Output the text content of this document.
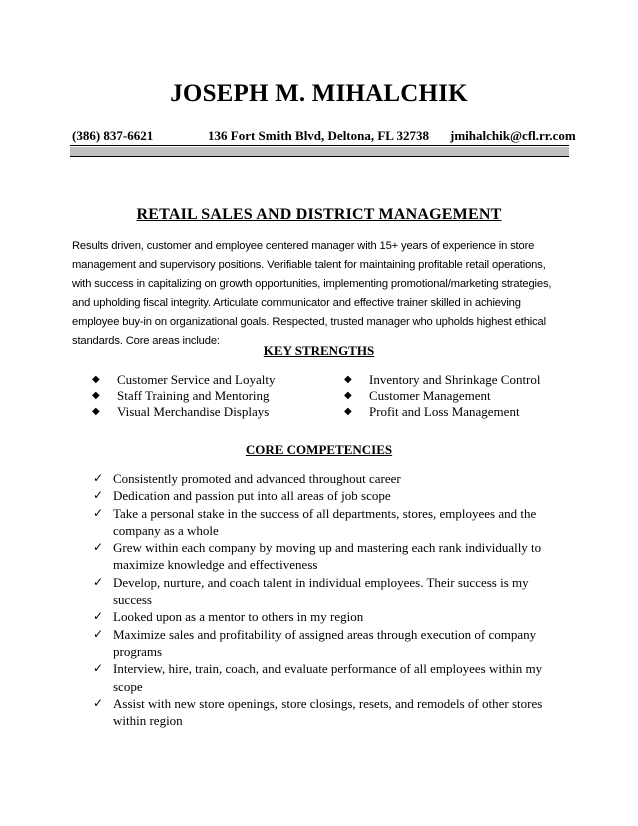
JOSEPH M. MIHALCHIK
(386) 837-6621	136 Fort Smith Blvd, Deltona, FL 32738 jmihalchik@cfl.rr.com
RETAIL SALES AND DISTRICT MANAGEMENT

Results driven, customer and employee centered manager with 15+ years of experience in store management and supervisory positions. Verifiable talent for maintaining profitable retail operations, with success in capitalizing on growth opportunities, implementing promotional/marketing strategies, and upholding fiscal integrity. Articulate communicator and effective trainer skilled in achieving employee buy-in on organizational goals. Respected, trusted manager who upholds highest ethical standards. Core areas include:

KEY STRENGTHS
◆	Customer Service and Loyalty
◆	Staff Training and Mentoring
◆	Visual Merchandise Displays
◆	Inventory and Shrinkage Control
◆	Customer Management
◆	Profit and Loss Management
CORE COMPETENCIES
✓ Consistently promoted and advanced throughout career
✓ Dedication and passion put into all areas of job scope
✓ Take a personal stake in the success of all departments, stores, employees and the company as a whole
✓ Grew within each company by moving up and mastering each rank individually to maximize knowledge and effectiveness
✓ Develop, nurture, and coach talent in individual employees. Their success is my success
✓ Looked upon as a mentor to others in my region
✓ Maximize sales and profitability of assigned areas through execution of company programs
✓ Interview, hire, train, coach, and evaluate performance of all employees within my scope
✓ Assist with new store openings, store closings, resets, and remodels of other stores within region
